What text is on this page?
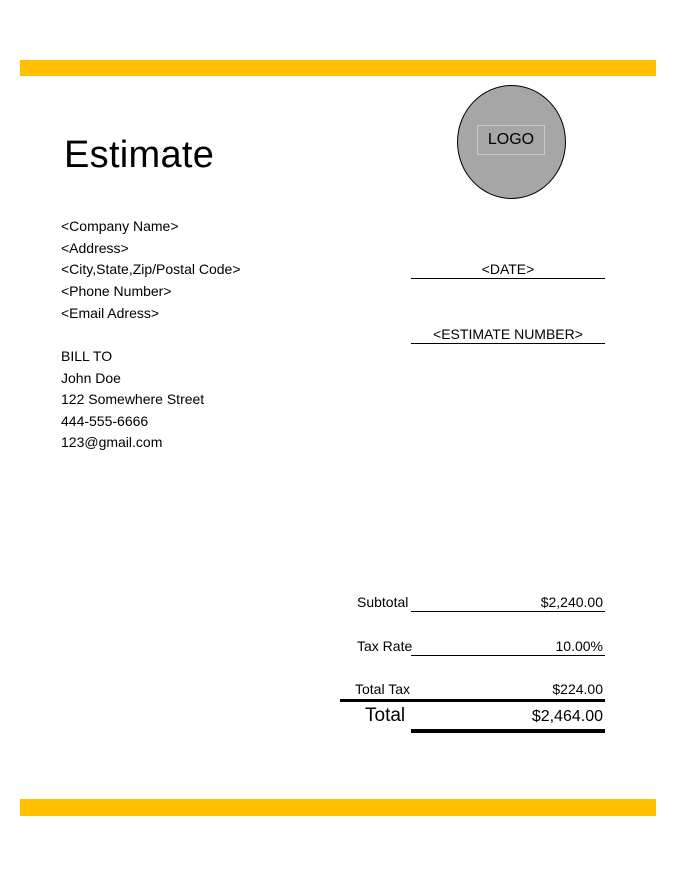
Estimate	LOGO
<Company Name>
<Address>
<City,State,Zip/Postal Code>
<Phone Number>
<Email Adress>
<DATE>
<ESTIMATE NUMBER>
BILL TO
John Doe
122 Somewhere Street
444-555-6666
123@gmail.com
Subtotal	$2,240.00
Tax Rate	10.00%
Total Tax	$224.00
Total	$2,464.00
